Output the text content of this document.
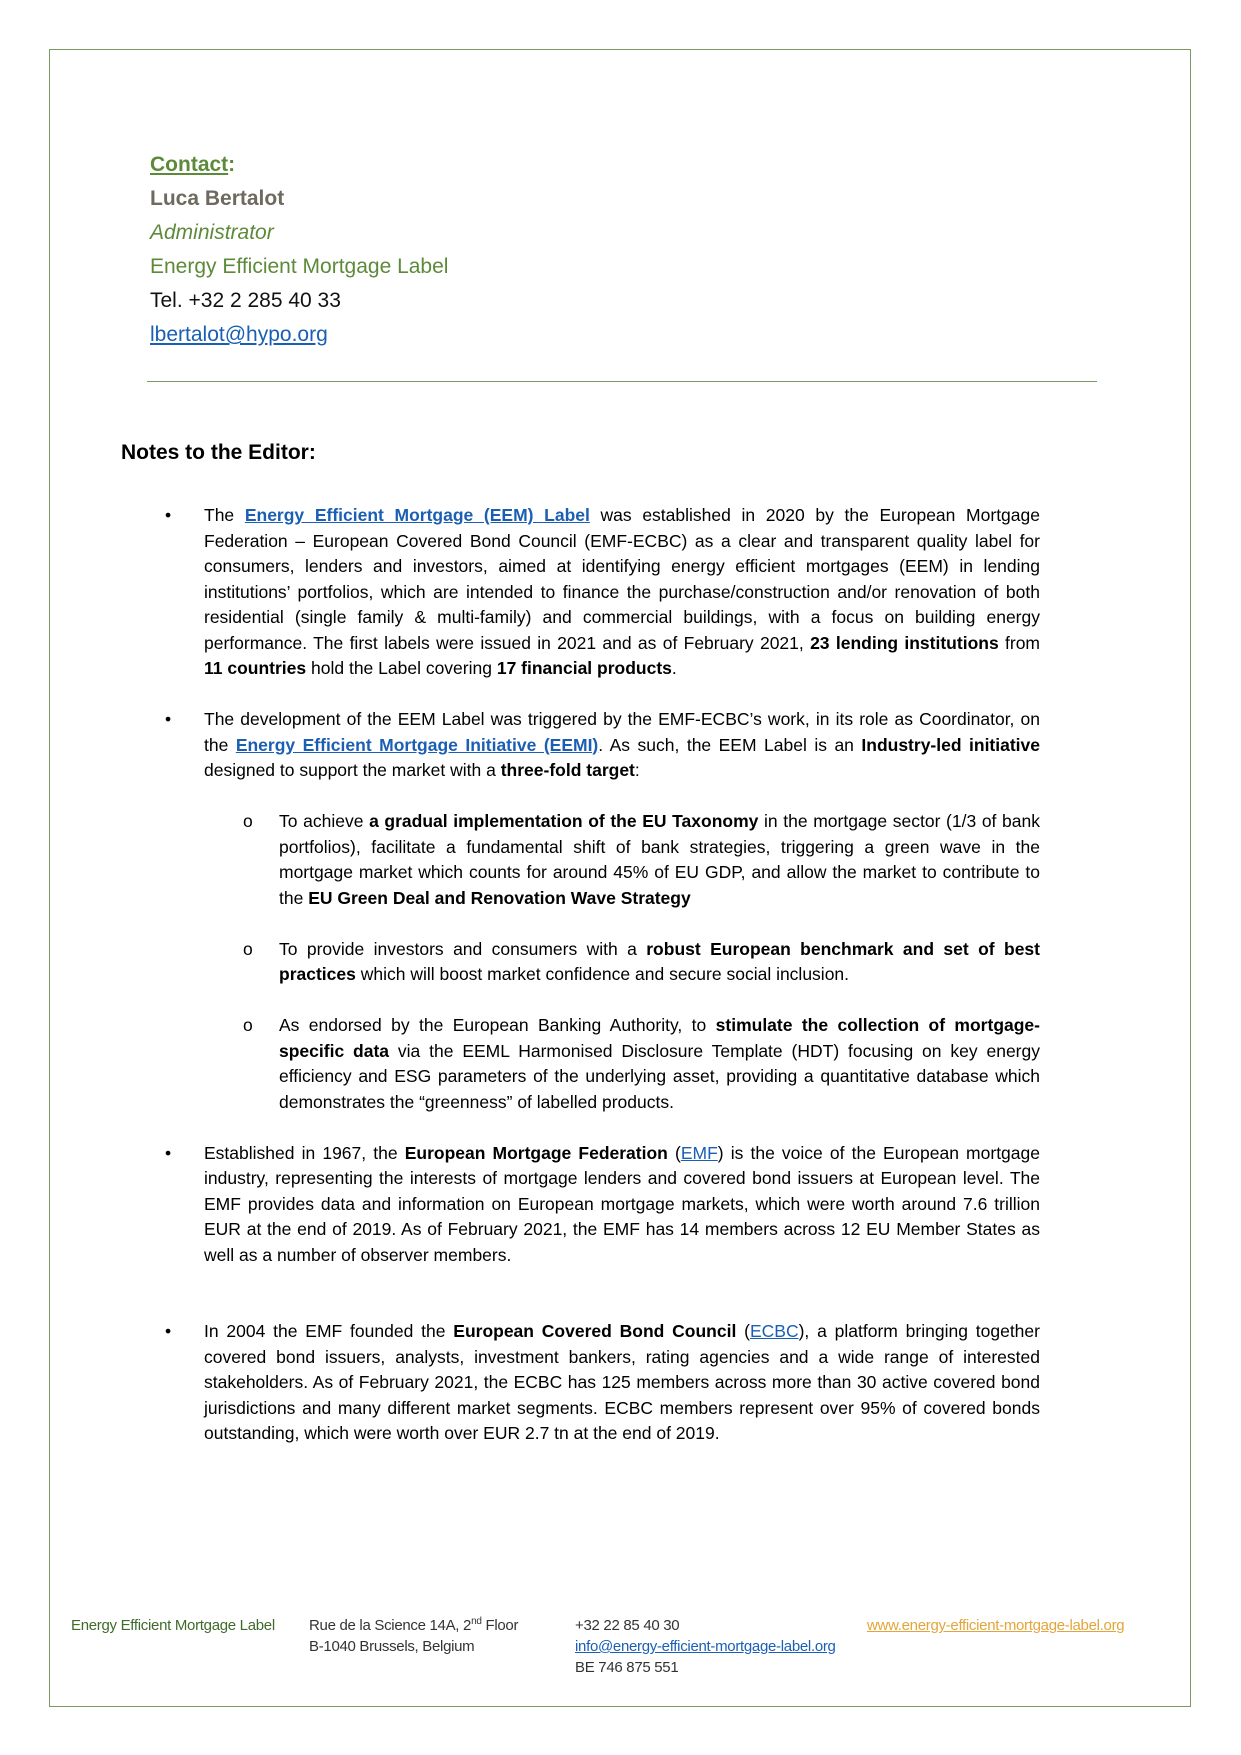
Contact:
Luca Bertalot
Administrator
Energy Efficient Mortgage Label
Tel. +32 2 285 40 33
lbertalot@hypo.org
Notes to the Editor:
• The Energy Efficient Mortgage (EEM) Label was established in 2020 by the European Mortgage Federation – European Covered Bond Council (EMF-ECBC) as a clear and transparent quality label for consumers, lenders and investors, aimed at identifying energy efficient mortgages (EEM) in lending institutions’ portfolios, which are intended to finance the purchase/construction and/or renovation of both residential (single family & multi-family) and commercial buildings, with a focus on building energy performance. The first labels were issued in 2021 and as of February 2021, 23 lending institutions from 11 countries hold the Label covering 17 financial products.
• The development of the EEM Label was triggered by the EMF-ECBC’s work, in its role as Coordinator, on the Energy Efficient Mortgage Initiative (EEMI). As such, the EEM Label is an Industry-led initiative designed to support the market with a three-fold target:
o To achieve a gradual implementation of the EU Taxonomy in the mortgage sector (1/3 of bank portfolios), facilitate a fundamental shift of bank strategies, triggering a green wave in the mortgage market which counts for around 45% of EU GDP, and allow the market to contribute to the EU Green Deal and Renovation Wave Strategy
o To provide investors and consumers with a robust European benchmark and set of best practices which will boost market confidence and secure social inclusion.
o As endorsed by the European Banking Authority, to stimulate the collection of mortgage-specific data via the EEML Harmonised Disclosure Template (HDT) focusing on key energy efficiency and ESG parameters of the underlying asset, providing a quantitative database which demonstrates the “greenness” of labelled products.
• Established in 1967, the European Mortgage Federation (EMF) is the voice of the European mortgage industry, representing the interests of mortgage lenders and covered bond issuers at European level. The EMF provides data and information on European mortgage markets, which were worth around 7.6 trillion EUR at the end of 2019. As of February 2021, the EMF has 14 members across 12 EU Member States as well as a number of observer members.
• In 2004 the EMF founded the European Covered Bond Council (ECBC), a platform bringing together covered bond issuers, analysts, investment bankers, rating agencies and a wide range of interested stakeholders. As of February 2021, the ECBC has 125 members across more than 30 active covered bond jurisdictions and many different market segments. ECBC members represent over 95% of covered bonds outstanding, which were worth over EUR 2.7 tn at the end of 2019.
Energy Efficient Mortgage Label Rue de la Science 14A, 2nd Floor
B-1040 Brussels, Belgium
+32 22 85 40 30
info@energy-efficient-mortgage-label.org
BE 746 875 551
www.energy-efficient-mortgage-label.org
